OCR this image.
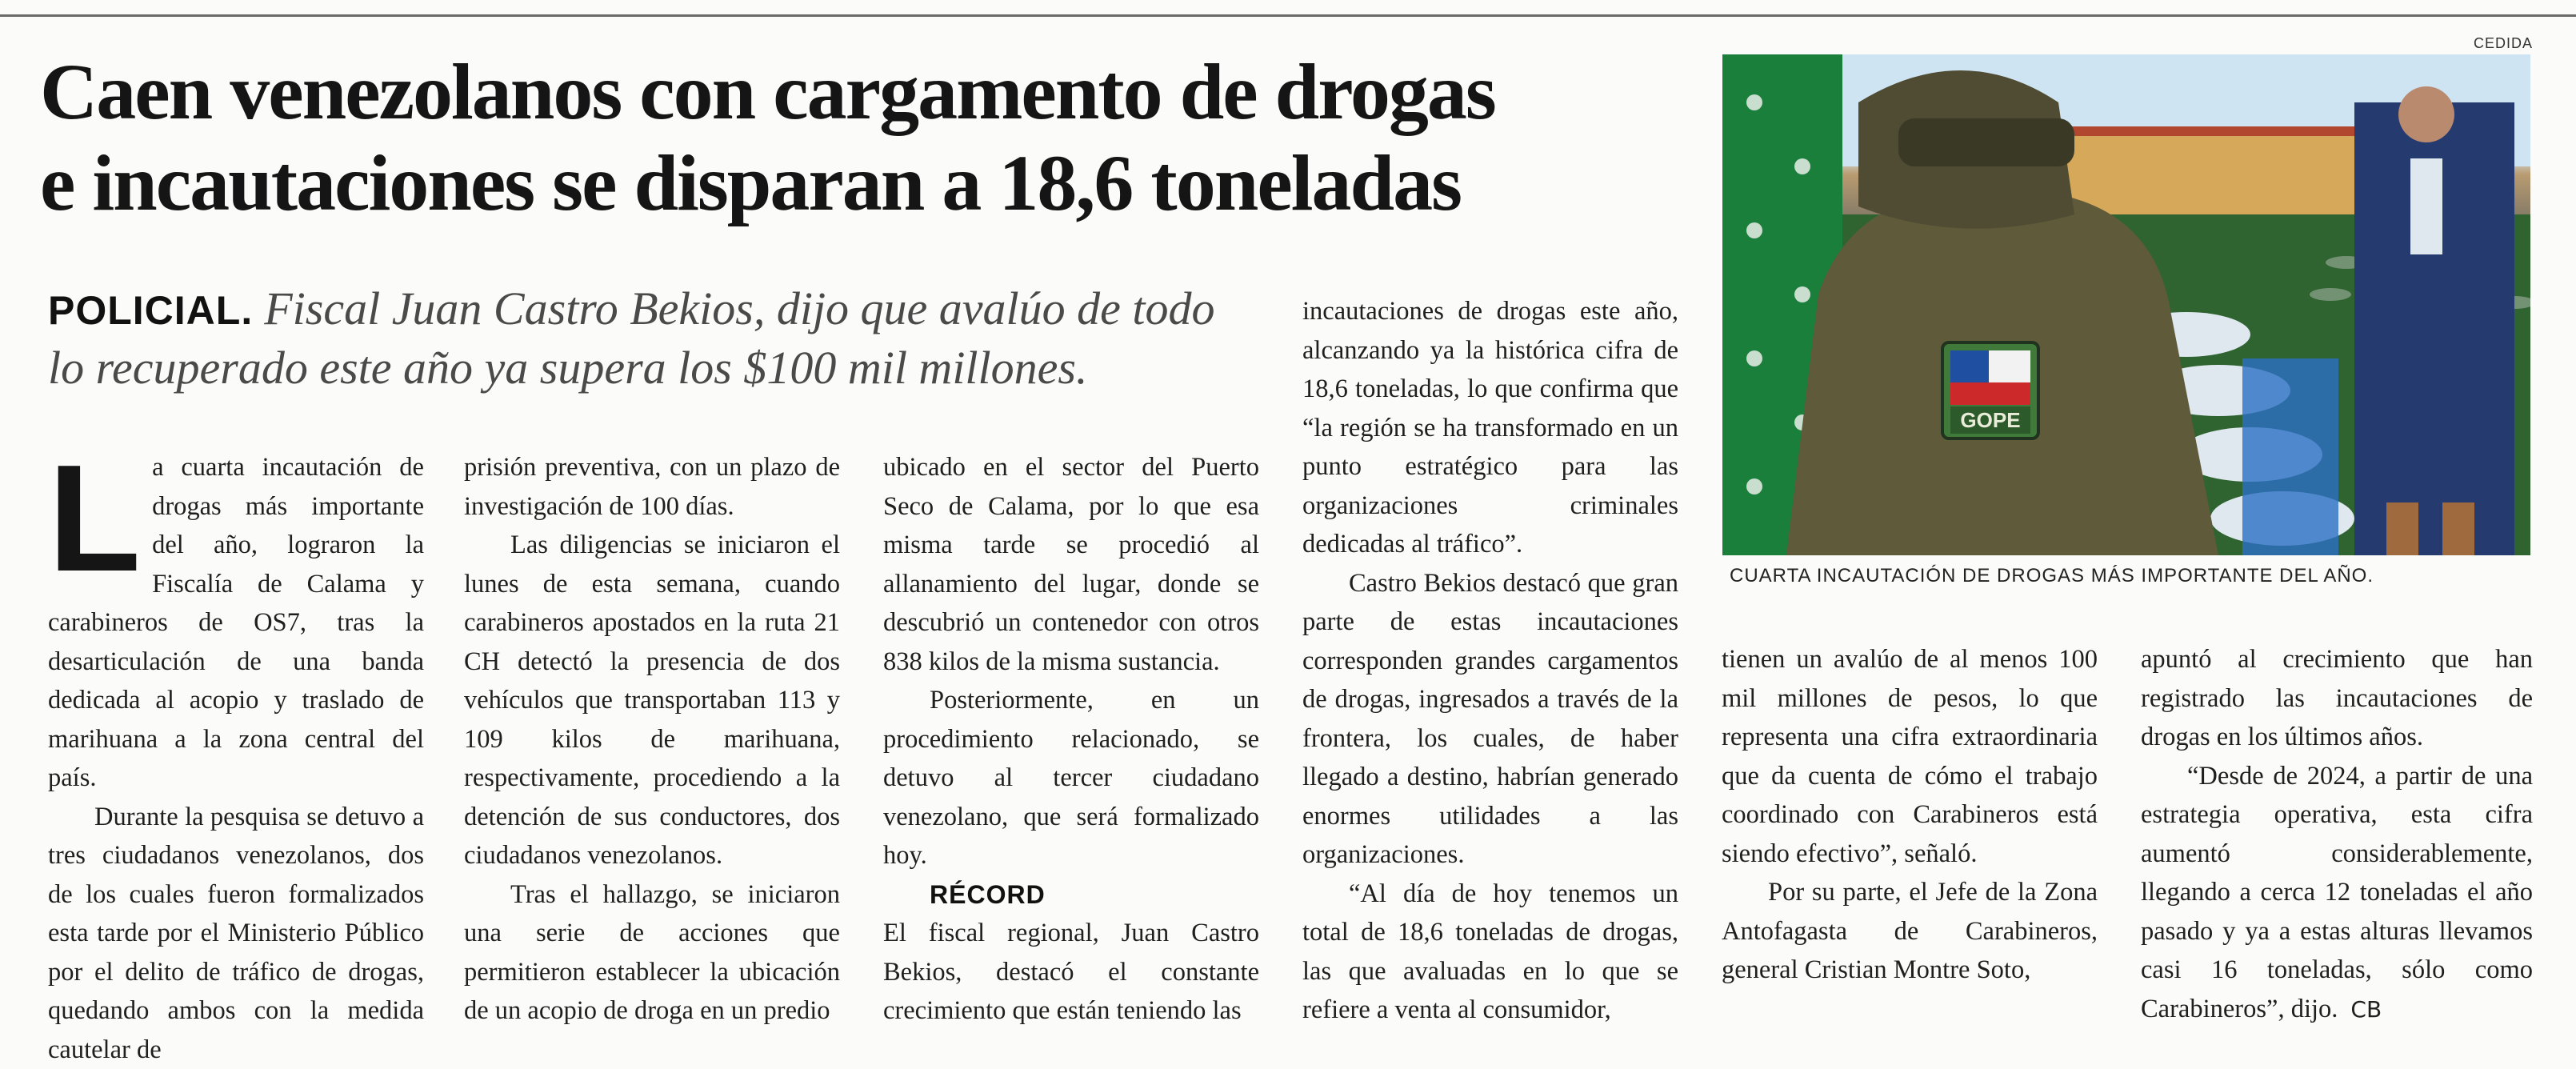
CEDIDA
Caen venezolanos con cargamento de drogas
e incautaciones se disparan a 18,6 toneladas
POLICIAL. Fiscal Juan Castro Bekios, dijo que avalúo de todo
lo recuperado este año ya supera los $100 mil millones.

La cuarta incautación de drogas más importante del año, lograron la Fiscalía de Calama y carabineros de OS7, tras la desarticulación de una banda dedicada al acopio y traslado de marihuana a la zona central del país.

Durante la pesquisa se detuvo a tres ciudadanos venezolanos, dos de los cuales fueron formalizados esta tarde por el Ministerio Público por el delito de tráfico de drogas, quedando ambos con la medida cautelar de

prisión preventiva, con un plazo de investigación de 100 días.

Las diligencias se iniciaron el lunes de esta semana, cuando carabineros apostados en la ruta 21 CH detectó la presencia de dos vehículos que transportaban 113 y 109 kilos de marihuana, respectivamente, procediendo a la detención de sus conductores, dos ciudadanos venezolanos.

Tras el hallazgo, se iniciaron una serie de acciones que permitieron establecer la ubicación de un acopio de droga en un predio

ubicado en el sector del Puerto Seco de Calama, por lo que esa misma tarde se procedió al allanamiento del lugar, donde se descubrió un contenedor con otros 838 kilos de la misma sustancia.

Posteriormente, en un procedimiento relacionado, se detuvo al tercer ciudadano venezolano, que será formalizado hoy.

RÉCORD

El fiscal regional, Juan Castro Bekios, destacó el constante crecimiento que están teniendo las

incautaciones de drogas este año, alcanzando ya la histórica cifra de 18,6 toneladas, lo que confirma que “la región se ha transformado en un punto estratégico para las organizaciones criminales dedicadas al tráfico”.

Castro Bekios destacó que gran parte de estas incautaciones corresponden grandes cargamentos de drogas, ingresados a través de la frontera, los cuales, de haber llegado a destino, habrían generado enormes utilidades a las organizaciones.

“Al día de hoy tenemos un total de 18,6 toneladas de drogas, las que avaluadas en lo que se refiere a venta al consumidor,

tienen un avalúo de al menos 100 mil millones de pesos, lo que representa una cifra extraordinaria que da cuenta de cómo el trabajo coordinado con Carabineros está siendo efectivo”, señaló.

Por su parte, el Jefe de la Zona Antofagasta de Carabineros, general Cristian Montre Soto,

apuntó al crecimiento que han registrado las incautaciones de drogas en los últimos años.

“Desde de 2024, a partir de una estrategia operativa, esta cifra aumentó considerablemente, llegando a cerca 12 toneladas el año pasado y ya a estas alturas llevamos casi 16 toneladas, sólo como Carabineros”, dijo. CB

GOPE
CUARTA INCAUTACIÓN DE DROGAS MÁS IMPORTANTE DEL AÑO.
